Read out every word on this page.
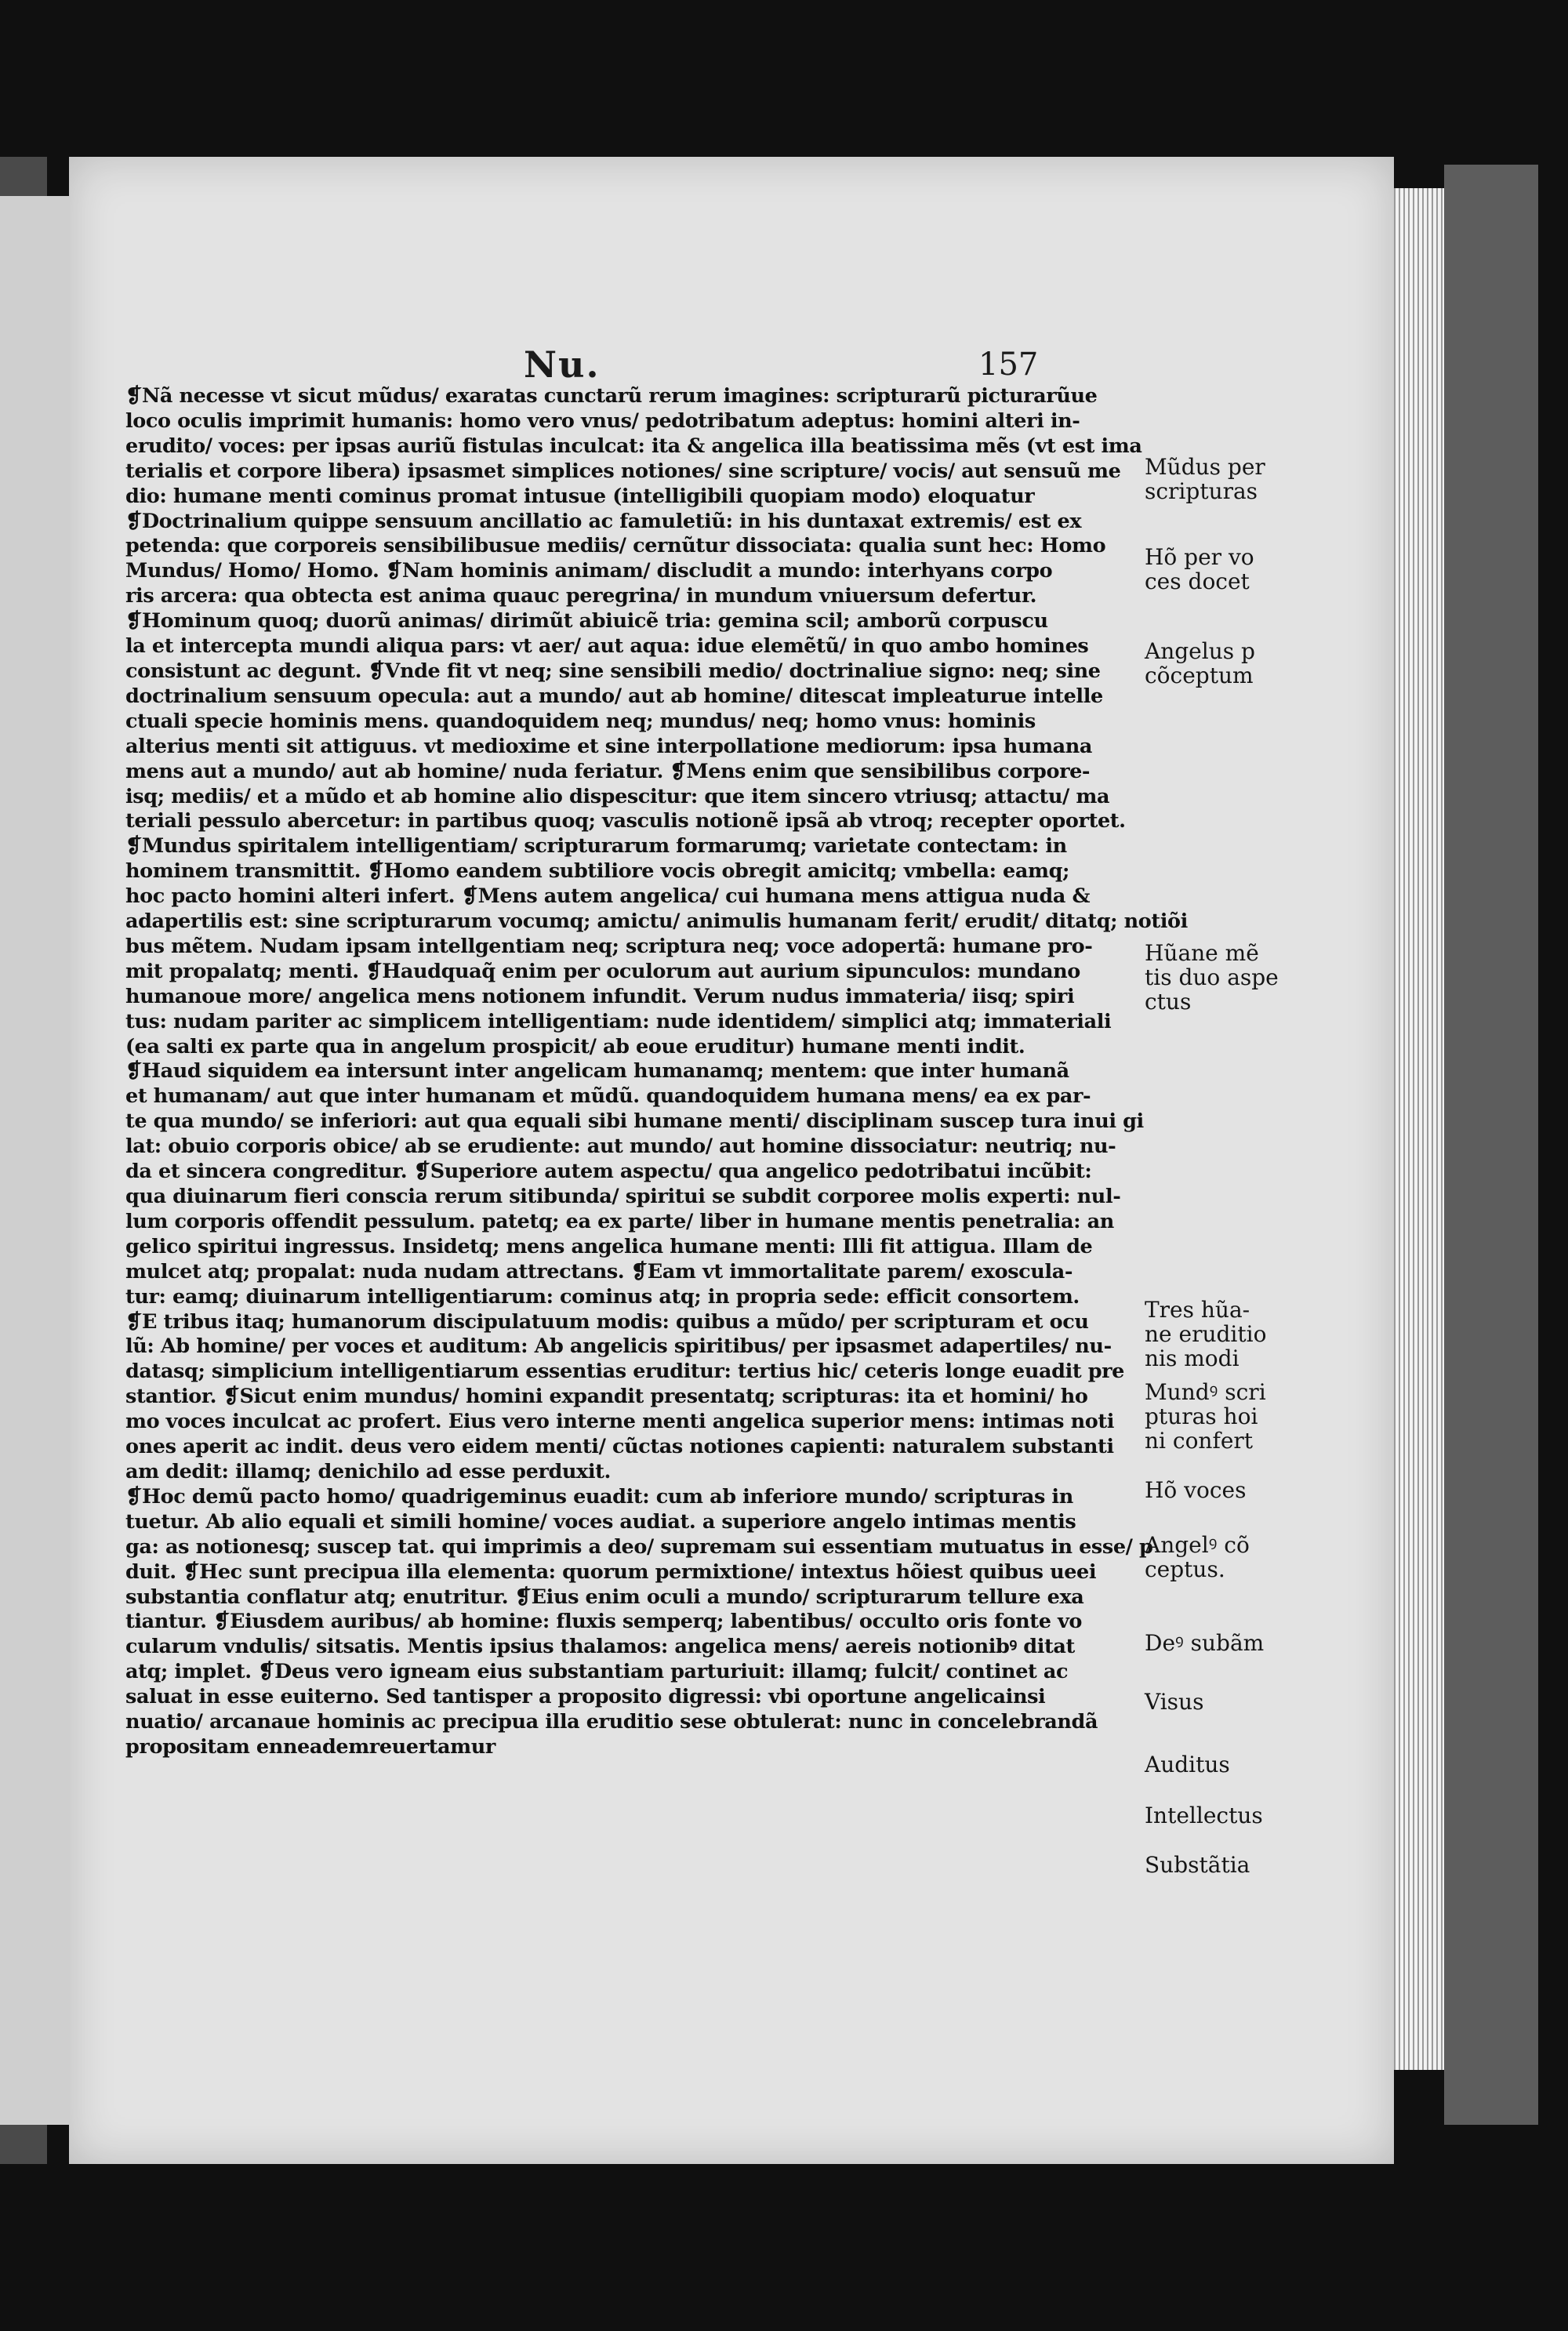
Nu.	157
❡Nã necesse vt sicut mũdus/ exaratas cunctarũ rerum imagines: scripturarũ picturarũue
loco oculis imprimit humanis: homo vero vnus/ pedotribatum adeptus: homini alteri in-
erudito/ voces: per ipsas auriũ fistulas inculcat: ita & angelica illa beatissima mẽs (vt est ima
terialis et corpore libera) ipsasmet simplices notiones/ sine scripture/ vocis/ aut sensuũ me
dio: humane menti cominus promat intusue (intelligibili quopiam modo) eloquatur
❡Doctrinalium quippe sensuum ancillatio ac famuletiũ: in his duntaxat extremis/ est ex
petenda: que corporeis sensibilibusue mediis/ cernũtur dissociata: qualia sunt hec: Homo
Mundus/ Homo/ Homo. ❡Nam hominis animam/ discludit a mundo: interhyans corpo
ris arcera: qua obtecta est anima quauc peregrina/ in mundum vniuersum defertur.
❡Hominum quoq; duorũ animas/ dirimũt abiuicẽ tria: gemina scil; amborũ corpuscu
la et intercepta mundi aliqua pars: vt aer/ aut aqua: idue elemẽtũ/ in quo ambo homines
consistunt ac degunt. ❡Vnde fit vt neq; sine sensibili medio/ doctrinaliue signo: neq; sine
doctrinalium sensuum opecula: aut a mundo/ aut ab homine/ ditescat impleaturue intelle
ctuali specie hominis mens. quandoquidem neq; mundus/ neq; homo vnus: hominis
alterius menti sit attiguus. vt medioxime et sine interpollatione mediorum: ipsa humana
mens aut a mundo/ aut ab homine/ nuda feriatur. ❡Mens enim que sensibilibus corpore-
isq; mediis/ et a mũdo et ab homine alio dispescitur: que item sincero vtriusq; attactu/ ma
teriali pessulo abercetur: in partibus quoq; vasculis notionẽ ipsã ab vtroq; recepter oportet.
❡Mundus spiritalem intelligentiam/ scripturarum formarumq; varietate contectam: in
hominem transmittit. ❡Homo eandem subtiliore vocis obregit amicitq; vmbella: eamq;
hoc pacto homini alteri infert. ❡Mens autem angelica/ cui humana mens attigua nuda &
adapertilis est: sine scripturarum vocumq; amictu/ animulis humanam ferit/ erudit/ ditatq; notiõi
bus mẽtem. Nudam ipsam intellgentiam neq; scriptura neq; voce adopertã: humane pro-
mit propalatq; menti. ❡Haudquaq̃ enim per oculorum aut aurium sipunculos: mundano
humanoue more/ angelica mens notionem infundit. Verum nudus immateria/ iisq; spiri
tus: nudam pariter ac simplicem intelligentiam: nude identidem/ simplici atq; immateriali
(ea salti ex parte qua in angelum prospicit/ ab eoue eruditur) humane menti indit.
❡Haud siquidem ea intersunt inter angelicam humanamq; mentem: que inter humanã
et humanam/ aut que inter humanam et mũdũ. quandoquidem humana mens/ ea ex par-
te qua mundo/ se inferiori: aut qua equali sibi humane menti/ disciplinam suscep tura inui gi
lat: obuio corporis obice/ ab se erudiente: aut mundo/ aut homine dissociatur: neutriq; nu-
da et sincera congreditur. ❡Superiore autem aspectu/ qua angelico pedotribatui incũbit:
qua diuinarum fieri conscia rerum sitibunda/ spiritui se subdit corporee molis experti: nul-
lum corporis offendit pessulum. patetq; ea ex parte/ liber in humane mentis penetralia: an
gelico spiritui ingressus. Insidetq; mens angelica humane menti: Illi fit attigua. Illam de
mulcet atq; propalat: nuda nudam attrectans. ❡Eam vt immortalitate parem/ exoscula-
tur: eamq; diuinarum intelligentiarum: cominus atq; in propria sede: efficit consortem.
❡E tribus itaq; humanorum discipulatuum modis: quibus a mũdo/ per scripturam et ocu
lũ: Ab homine/ per voces et auditum: Ab angelicis spiritibus/ per ipsasmet adapertiles/ nu-
datasq; simplicium intelligentiarum essentias eruditur: tertius hic/ ceteris longe euadit pre
stantior. ❡Sicut enim mundus/ homini expandit presentatq; scripturas: ita et homini/ ho
mo voces inculcat ac profert. Eius vero interne menti angelica superior mens: intimas noti
ones aperit ac indit. deus vero eidem menti/ cũctas notiones capienti: naturalem substanti
am dedit: illamq; denichilo ad esse perduxit.
❡Hoc demũ pacto homo/ quadrigeminus euadit: cum ab inferiore mundo/ scripturas in
tuetur. Ab alio equali et simili homine/ voces audiat. a superiore angelo intimas mentis
ga: as notionesq; suscep tat. qui imprimis a deo/ supremam sui essentiam mutuatus in esse/ p
duit. ❡Hec sunt precipua illa elementa: quorum permixtione/ intextus hõiest quibus ueei
substantia conflatur atq; enutritur. ❡Eius enim oculi a mundo/ scripturarum tellure exa
tiantur. ❡Eiusdem auribus/ ab homine: fluxis semperq; labentibus/ occulto oris fonte vo
cularum vndulis/ sitsatis. Mentis ipsius thalamos: angelica mens/ aereis notionibꝰ ditat
atq; implet. ❡Deus vero igneam eius substantiam parturiuit: illamq; fulcit/ continet ac
saluat in esse euiterno. Sed tantisper a proposito digressi: vbi oportune angelicainsi
nuatio/ arcanaue hominis ac precipua illa eruditio sese obtulerat: nunc in concelebrandã
propositam enneademreuertamur
Mũdus per
scripturas
Hõ per vo
ces docet
Angelus p
cõceptum
Hũane mẽ
tis duo aspe
ctus
Tres hũa-
ne eruditio
nis modi
Mundꝰ scri
pturas hoi
ni confert
Hõ voces
Angelꝰ cõ
ceptus.
Deꝰ subãm
Visus
Auditus
Intellectus
Substãtia
